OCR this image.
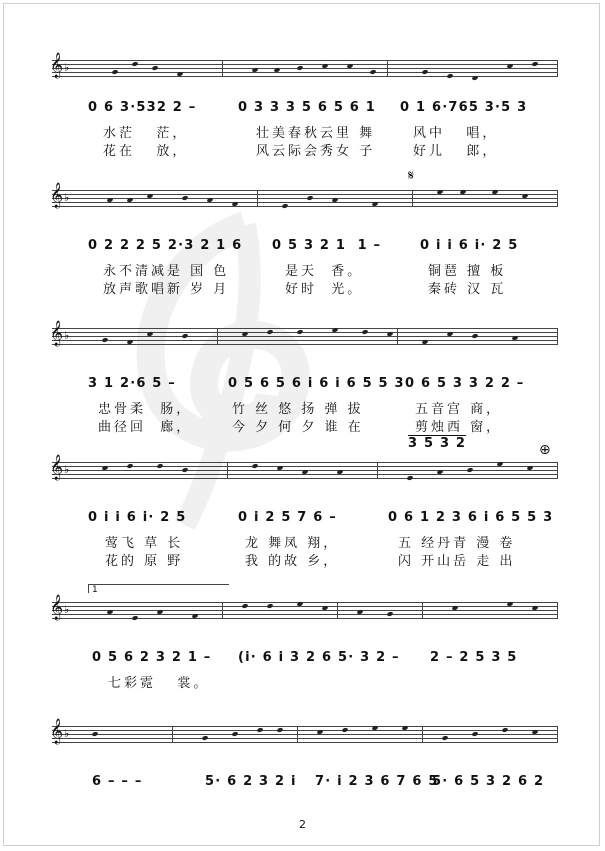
𝄞 ♭
0 6 3·532 2 –	0 3 3 3 5 6 5 6 1 0 1 6·765 3·5 3
水茫   茫，	壮美春秋云里 舞	风中   唱，
花在   放，	风云际会秀女 子	好儿   郎，
𝄋
𝄞 ♭
0 2 2 2 5 2·3 2 1 6 0 5 3 2 1  1 –	0 i i 6 i· 2 5
永不清减是 国 色	是天  香。	铜琶 擅 板
放声歌唱新 岁 月	好时  光。	秦砖 汉 瓦
𝄞 ♭
3 1 2·6 5 –	0 5 6 5 6 i 6 i 6 5 5 3 0 6 5 3 3 2 2 –
忠骨柔  肠，	竹 丝 悠 扬 弹 拔	五音宫 商，
曲径回  廊，	今 夕 何 夕 谁 在	剪烛西 窗，
3 5 3 2	⊕
𝄞 ♭
0 i i 6 i· 2 5	0 i 2 5 7 6 –	0 6 1 2 3 6 i 6 5 5 3
莺飞 草 长	龙 舞凤 翔，	五 经丹青 漫 卷
花的 原 野	我 的故 乡，	闪 开山岳 走 出
1
𝄞 ♭
0 5 6 2 3 2 1 – (i· 6 i 3 2 6 5· 3 2 – 2 – 2 5 3 5
七彩霓   裳。
𝄞 ♭
6 – – –	5· 6 2 3 2 i 7· i 2 3 6 7 6 5
5· 6 5 3 2 6 2
2
